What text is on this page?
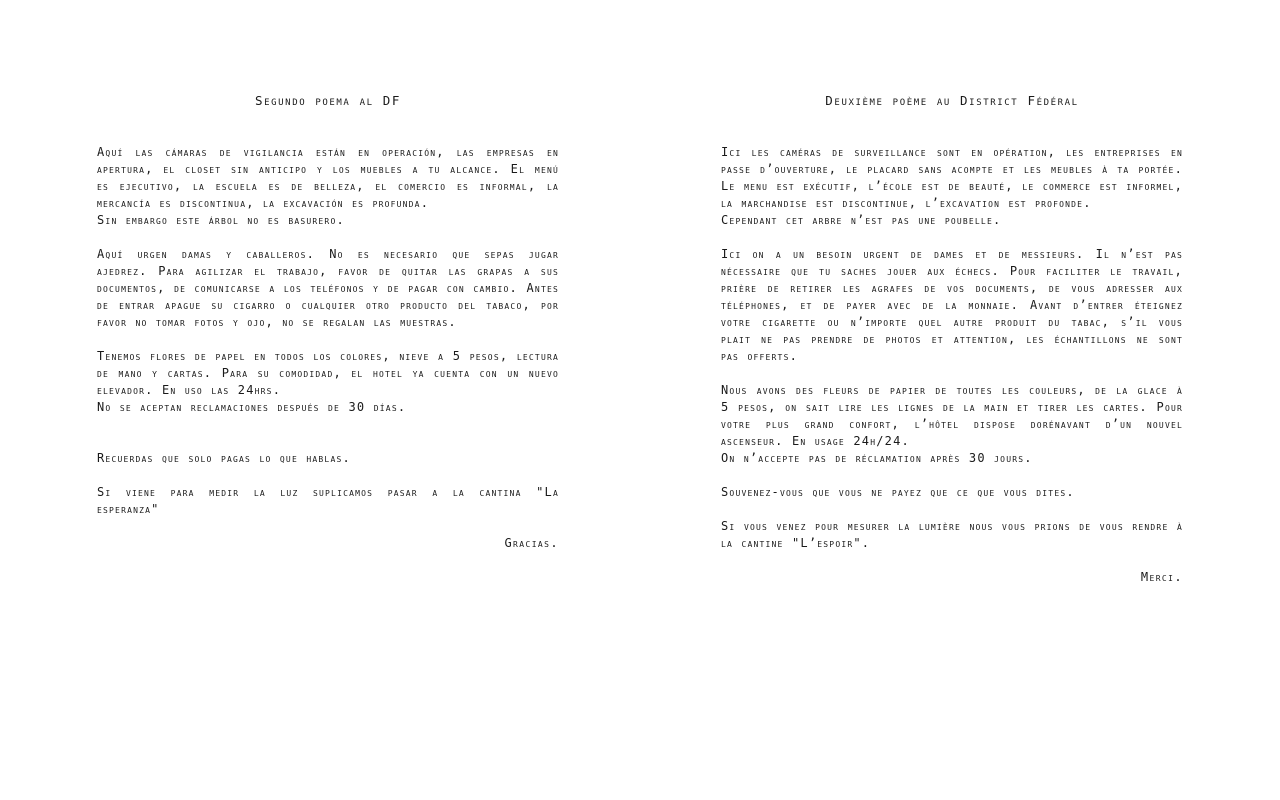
Segundo poema al DF

Aquí las cámaras de vigilancia están en operación, las empresas en apertura, el closet sin anticipo y los muebles a tu alcance. El menú es ejecutivo, la escuela es de belleza, el comercio es informal, la mercancía es discontinua, la excavación es profunda.

Sin embargo este árbol no es basurero.

Aquí urgen damas y caballeros. No es necesario que sepas jugar ajedrez. Para agilizar el trabajo, favor de quitar las grapas a sus documentos, de comunicarse a los teléfonos y de pagar con cambio. Antes de entrar apague su cigarro o cualquier otro producto del tabaco, por favor no tomar fotos y ojo, no se regalan las muestras.

Tenemos flores de papel en todos los colores, nieve a 5 pesos, lectura de mano y cartas. Para su comodidad, el hotel ya cuenta con un nuevo elevador. En uso las 24hrs.

No se aceptan reclamaciones después de 30 días.

Recuerdas que solo pagas lo que hablas.

Si viene para medir la luz suplicamos pasar a la cantina "La esperanza"

Gracias.

Deuxième poème au District Fédéral

Ici les caméras de surveillance sont en opération, les entreprises en passe d’ouverture, le placard sans acompte et les meubles à ta portée. Le menu est exécutif, l’école est de beauté, le commerce est informel, la marchandise est discontinue, l’excavation est profonde.

Cependant cet arbre n’est pas une poubelle.

Ici on a un besoin urgent de dames et de messieurs. Il n’est pas nécessaire que tu saches jouer aux échecs. Pour faciliter le travail, prière de retirer les agrafes de vos documents, de vous adresser aux téléphones, et de payer avec de la monnaie. Avant d’entrer éteignez votre cigarette ou n’importe quel autre produit du tabac, s’il vous plait ne pas prendre de photos et attention, les échantillons ne sont pas offerts.

Nous avons des fleurs de papier de toutes les couleurs, de la glace à 5 pesos, on sait lire les lignes de la main et tirer les cartes. Pour votre plus grand confort, l’hôtel dispose dorénavant d’un nouvel ascenseur. En usage 24h/24.

On n’accepte pas de réclamation après 30 jours.

Souvenez-vous que vous ne payez que ce que vous dites.

Si vous venez pour mesurer la lumière nous vous prions de vous rendre à la cantine "L’espoir".

Merci.
